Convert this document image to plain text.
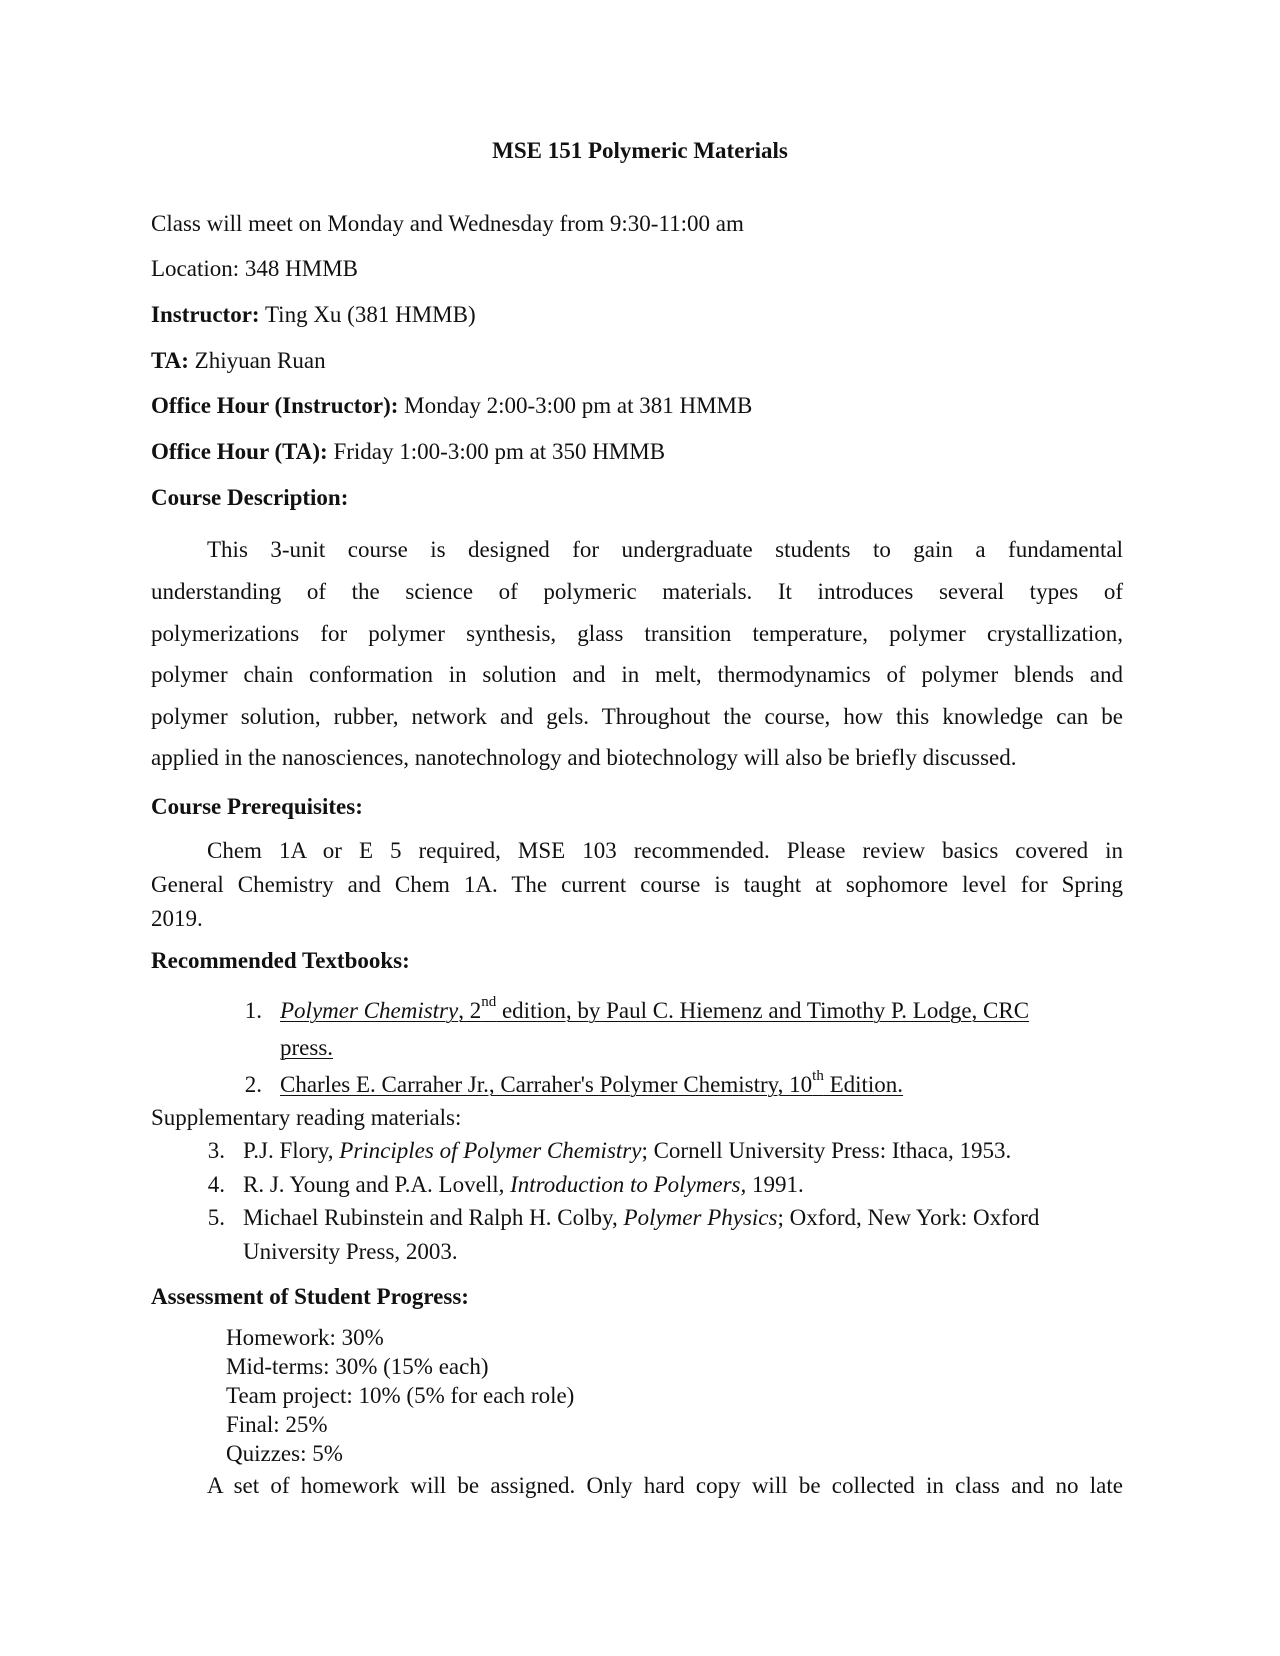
MSE 151 Polymeric Materials
Class will meet on Monday and Wednesday from 9:30-11:00 am
Location: 348 HMMB
Instructor: Ting Xu (381 HMMB)
TA: Zhiyuan Ruan
Office Hour (Instructor): Monday 2:00-3:00 pm at 381 HMMB
Office Hour (TA): Friday 1:00-3:00 pm at 350 HMMB
Course Description:
This 3-unit course is designed for undergraduate students to gain a fundamental
understanding of the science of polymeric materials. It introduces several types of
polymerizations for polymer synthesis, glass transition temperature, polymer crystallization,
polymer chain conformation in solution and in melt, thermodynamics of polymer blends and
polymer solution, rubber, network and gels. Throughout the course, how this knowledge can be
applied in the nanosciences, nanotechnology and biotechnology will also be briefly discussed.
Course Prerequisites:
Chem 1A or E 5 required, MSE 103 recommended. Please review basics covered in
General Chemistry and Chem 1A. The current course is taught at sophomore level for Spring
2019.
Recommended Textbooks:
1. Polymer Chemistry, 2nd edition, by Paul C. Hiemenz and Timothy P. Lodge, CRC
press.
2. Charles E. Carraher Jr., Carraher's Polymer Chemistry, 10th Edition.
Supplementary reading materials:
3. P.J. Flory, Principles of Polymer Chemistry; Cornell University Press: Ithaca, 1953.
4. R. J. Young and P.A. Lovell, Introduction to Polymers, 1991.
5. Michael Rubinstein and Ralph H. Colby, Polymer Physics; Oxford, New York: Oxford
University Press, 2003.
Assessment of Student Progress:
Homework: 30%
Mid-terms: 30% (15% each)
Team project: 10% (5% for each role)
Final: 25%
Quizzes: 5%
A set of homework will be assigned. Only hard copy will be collected in class and no late
